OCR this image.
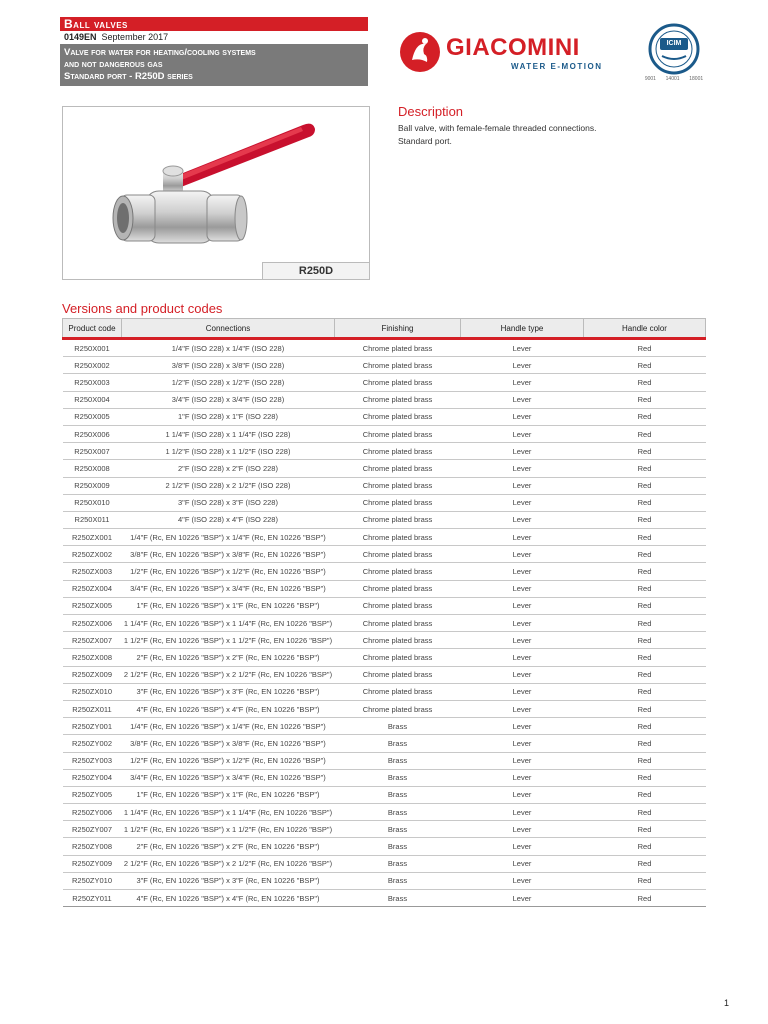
Ball valves
0149EN September 2017
Valve for water for heating/cooling systems
and not dangerous gas
Standard port - R250D series
GIACOMINI
WATER E-MOTION
ICIM
9001 14001 18001
R250D
Description
Ball valve, with female-female threaded connections.
Standard port.
Versions and product codes
Product code	Connections	Finishing	Handle type	Handle color
R250X001	1/4"F (ISO 228) x 1/4"F (ISO 228)	Chrome plated brass	Lever	Red
R250X002	3/8"F (ISO 228) x 3/8"F (ISO 228)	Chrome plated brass	Lever	Red
R250X003	1/2"F (ISO 228) x 1/2"F (ISO 228)	Chrome plated brass	Lever	Red
R250X004	3/4"F (ISO 228) x 3/4"F (ISO 228)	Chrome plated brass	Lever	Red
R250X005	1"F (ISO 228) x 1"F (ISO 228)	Chrome plated brass	Lever	Red
R250X006	1 1/4"F (ISO 228) x 1 1/4"F (ISO 228)	Chrome plated brass	Lever	Red
R250X007	1 1/2"F (ISO 228) x 1 1/2"F (ISO 228)	Chrome plated brass	Lever	Red
R250X008	2"F (ISO 228) x 2"F (ISO 228)	Chrome plated brass	Lever	Red
R250X009	2 1/2"F (ISO 228) x 2 1/2"F (ISO 228)	Chrome plated brass	Lever	Red
R250X010	3"F (ISO 228) x 3"F (ISO 228)	Chrome plated brass	Lever	Red
R250X011	4"F (ISO 228) x 4"F (ISO 228)	Chrome plated brass	Lever	Red
R250ZX001	1/4"F (Rc, EN 10226 "BSP") x 1/4"F (Rc, EN 10226 "BSP")	Chrome plated brass	Lever	Red
R250ZX002	3/8"F (Rc, EN 10226 "BSP") x 3/8"F (Rc, EN 10226 "BSP")	Chrome plated brass	Lever	Red
R250ZX003	1/2"F (Rc, EN 10226 "BSP") x 1/2"F (Rc, EN 10226 "BSP")	Chrome plated brass	Lever	Red
R250ZX004	3/4"F (Rc, EN 10226 "BSP") x 3/4"F (Rc, EN 10226 "BSP")	Chrome plated brass	Lever	Red
R250ZX005	1"F (Rc, EN 10226 "BSP") x 1"F (Rc, EN 10226 "BSP")	Chrome plated brass	Lever	Red
R250ZX006	1 1/4"F (Rc, EN 10226 "BSP") x 1 1/4"F (Rc, EN 10226 "BSP")	Chrome plated brass	Lever	Red
R250ZX007	1 1/2"F (Rc, EN 10226 "BSP") x 1 1/2"F (Rc, EN 10226 "BSP")	Chrome plated brass	Lever	Red
R250ZX008	2"F (Rc, EN 10226 "BSP") x 2"F (Rc, EN 10226 "BSP")	Chrome plated brass	Lever	Red
R250ZX009	2 1/2"F (Rc, EN 10226 "BSP") x 2 1/2"F (Rc, EN 10226 "BSP")	Chrome plated brass	Lever	Red
R250ZX010	3"F (Rc, EN 10226 "BSP") x 3"F (Rc, EN 10226 "BSP")	Chrome plated brass	Lever	Red
R250ZX011	4"F (Rc, EN 10226 "BSP") x 4"F (Rc, EN 10226 "BSP")	Chrome plated brass	Lever	Red
R250ZY001	1/4"F (Rc, EN 10226 "BSP") x 1/4"F (Rc, EN 10226 "BSP")	Brass	Lever	Red
R250ZY002	3/8"F (Rc, EN 10226 "BSP") x 3/8"F (Rc, EN 10226 "BSP")	Brass	Lever	Red
R250ZY003	1/2"F (Rc, EN 10226 "BSP") x 1/2"F (Rc, EN 10226 "BSP")	Brass	Lever	Red
R250ZY004	3/4"F (Rc, EN 10226 "BSP") x 3/4"F (Rc, EN 10226 "BSP")	Brass	Lever	Red
R250ZY005	1"F (Rc, EN 10226 "BSP") x 1"F (Rc, EN 10226 "BSP")	Brass	Lever	Red
R250ZY006	1 1/4"F (Rc, EN 10226 "BSP") x 1 1/4"F (Rc, EN 10226 "BSP")	Brass	Lever	Red
R250ZY007	1 1/2"F (Rc, EN 10226 "BSP") x 1 1/2"F (Rc, EN 10226 "BSP")	Brass	Lever	Red
R250ZY008	2"F (Rc, EN 10226 "BSP") x 2"F (Rc, EN 10226 "BSP")	Brass	Lever	Red
R250ZY009	2 1/2"F (Rc, EN 10226 "BSP") x 2 1/2"F (Rc, EN 10226 "BSP")	Brass	Lever	Red
R250ZY010	3"F (Rc, EN 10226 "BSP") x 3"F (Rc, EN 10226 "BSP")	Brass	Lever	Red
R250ZY011	4"F (Rc, EN 10226 "BSP") x 4"F (Rc, EN 10226 "BSP")	Brass	Lever	Red
1
